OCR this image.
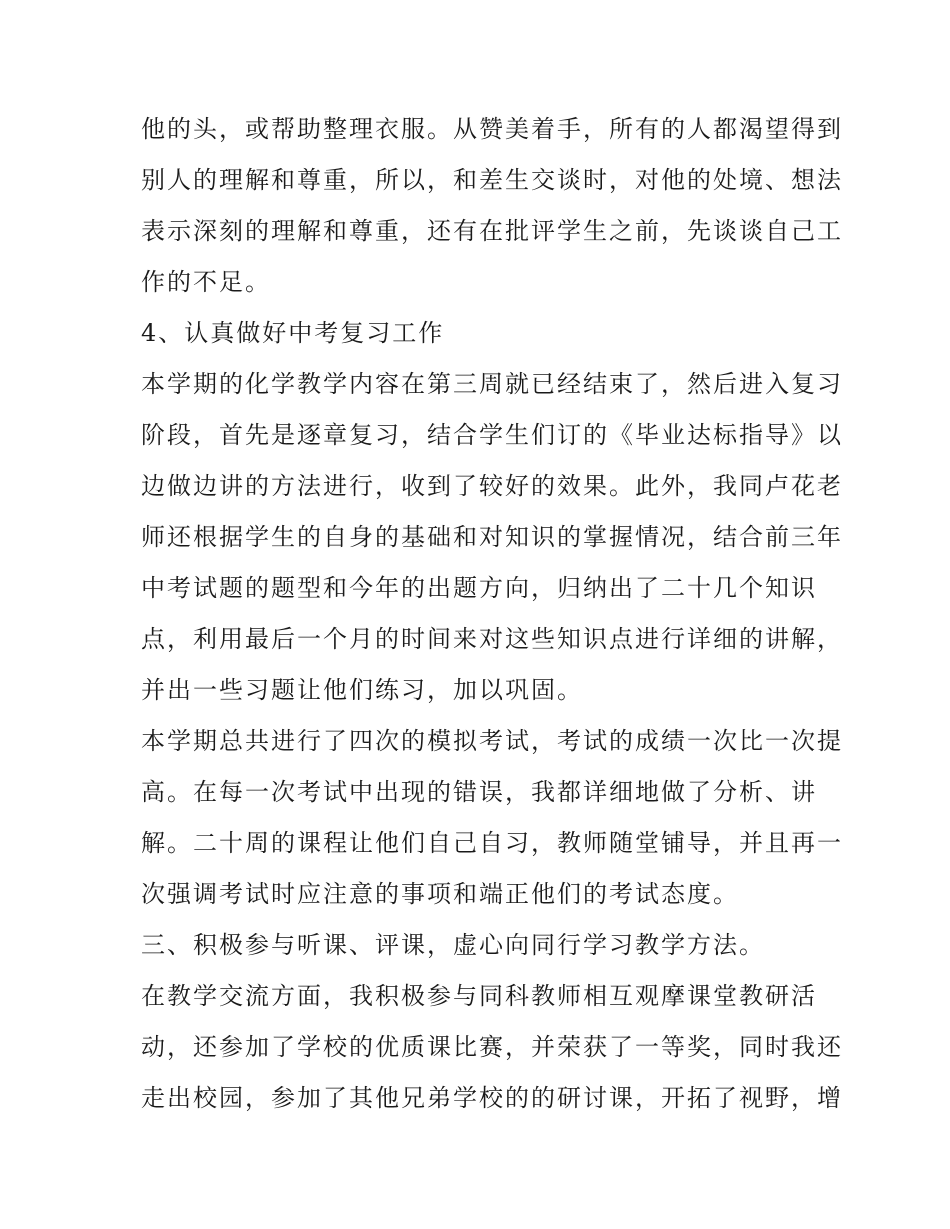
他的头，或帮助整理衣服。从赞美着手，所有的人都渴望得到
别人的理解和尊重，所以，和差生交谈时，对他的处境、想法
表示深刻的理解和尊重，还有在批评学生之前，先谈谈自己工
作的不足。
4、认真做好中考复习工作
本学期的化学教学内容在第三周就已经结束了，然后进入复习
阶段，首先是逐章复习，结合学生们订的《毕业达标指导》以
边做边讲的方法进行，收到了较好的效果。此外，我同卢花老
师还根据学生的自身的基础和对知识的掌握情况，结合前三年
中考试题的题型和今年的出题方向，归纳出了二十几个知识
点，利用最后一个月的时间来对这些知识点进行详细的讲解，
并出一些习题让他们练习，加以巩固。
本学期总共进行了四次的模拟考试，考试的成绩一次比一次提
高。在每一次考试中出现的错误，我都详细地做了分析、讲
解。二十周的课程让他们自己自习，教师随堂铺导，并且再一
次强调考试时应注意的事项和端正他们的考试态度。
三、积极参与听课、评课，虚心向同行学习教学方法。
在教学交流方面，我积极参与同科教师相互观摩课堂教研活
动，还参加了学校的优质课比赛，并荣获了一等奖，同时我还
走出校园，参加了其他兄弟学校的的研讨课，开拓了视野，增
